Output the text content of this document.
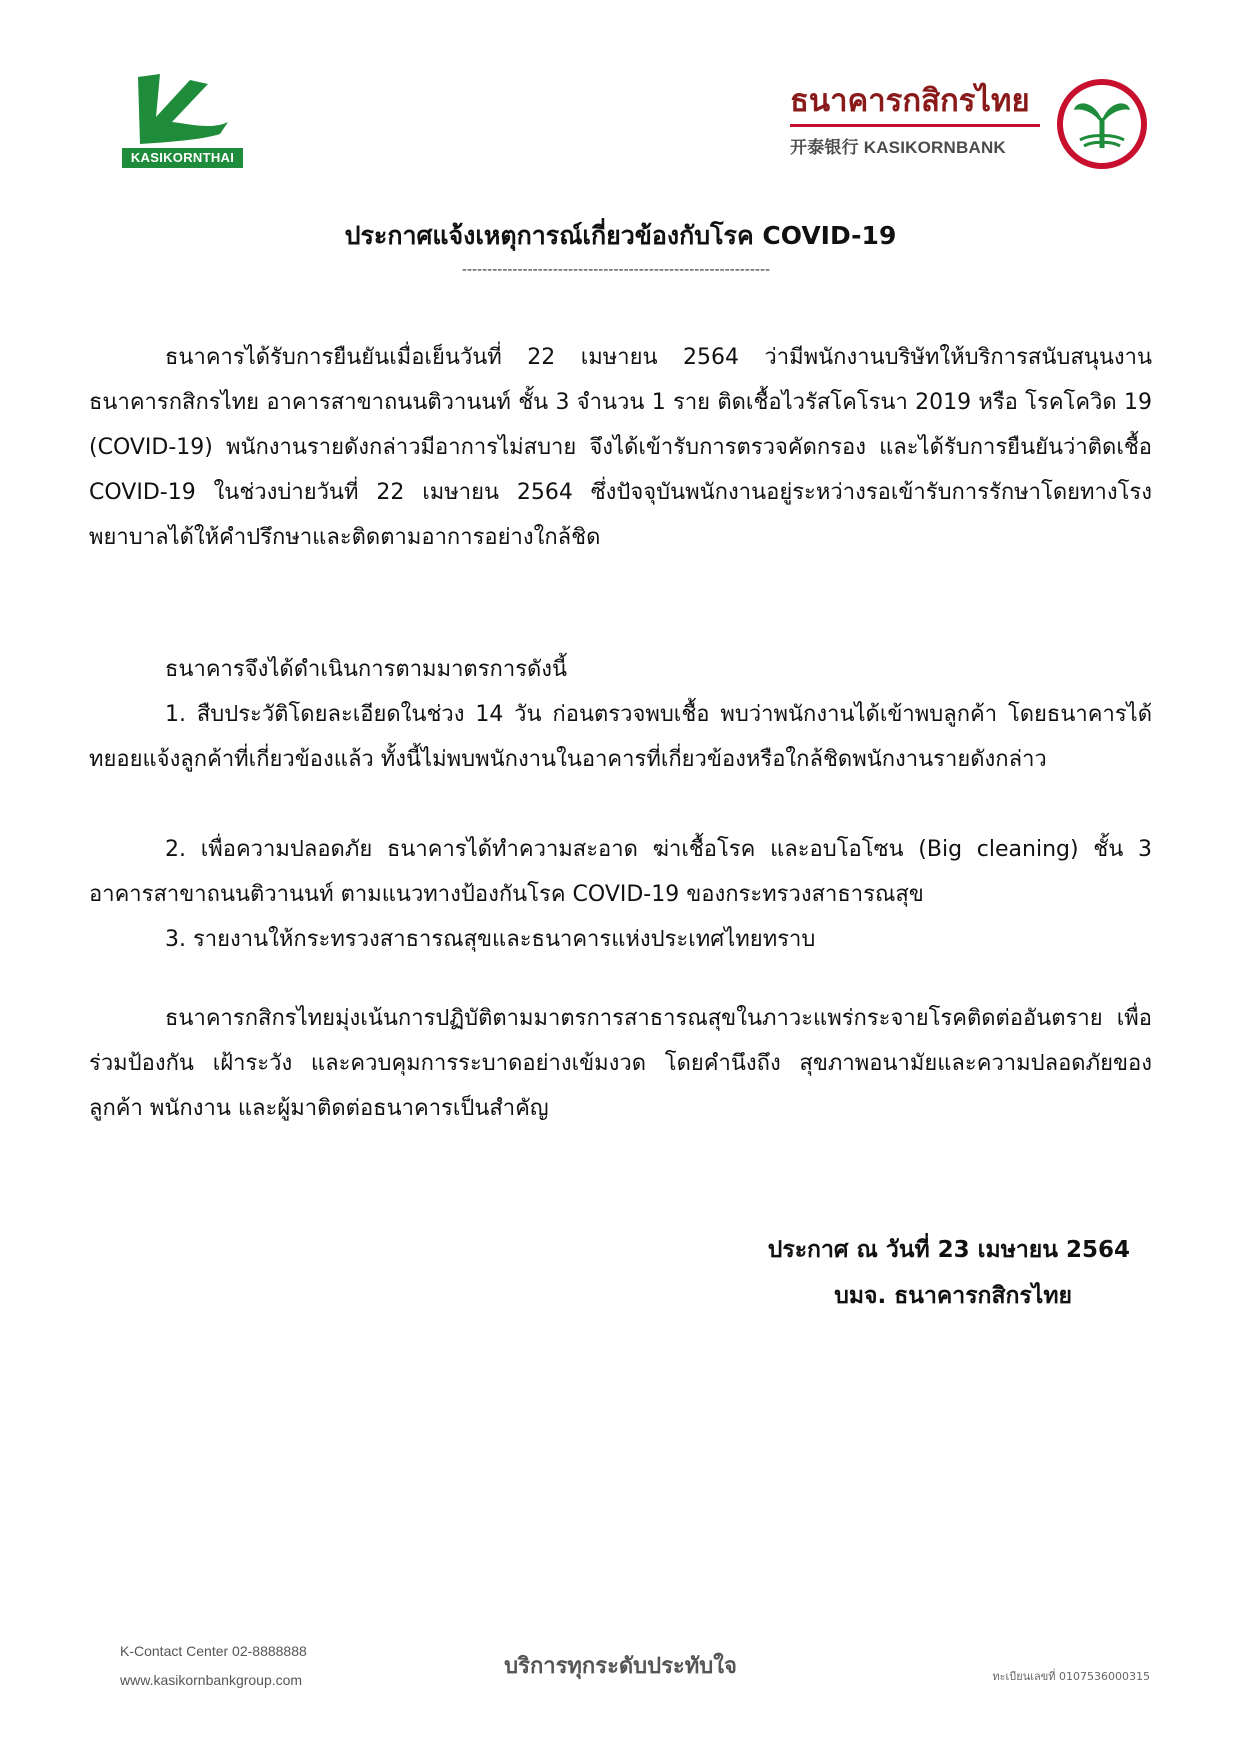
KASIKORNTHAI
ธนาคารกสิกรไทย
开泰银行 KASIKORNBANK
ประกาศแจ้งเหตุการณ์เกี่ยวข้องกับโรค COVID-19
-------------------------------------------------------------

ธนาคารได้รับการยืนยันเมื่อเย็นวันที่ 22 เมษายน 2564 ว่ามีพนักงานบริษัทให้บริการสนับสนุนงานธนาคารกสิกรไทย อาคารสาขาถนนติวานนท์ ชั้น 3 จำนวน 1 ราย ติดเชื้อไวรัสโคโรนา 2019 หรือ โรคโควิด 19 (COVID-19) พนักงานรายดังกล่าวมีอาการไม่สบาย จึงได้เข้ารับการตรวจคัดกรอง และได้รับการยืนยันว่าติดเชื้อ COVID-19 ในช่วงบ่ายวันที่ 22 เมษายน 2564 ซึ่งปัจจุบันพนักงานอยู่ระหว่างรอเข้ารับการรักษาโดยทางโรงพยาบาลได้ให้คำปรึกษาและติดตามอาการอย่างใกล้ชิด

ธนาคารจึงได้ดำเนินการตามมาตรการดังนี้

1. สืบประวัติโดยละเอียดในช่วง 14 วัน ก่อนตรวจพบเชื้อ พบว่าพนักงานได้เข้าพบลูกค้า โดยธนาคารได้ทยอยแจ้งลูกค้าที่เกี่ยวข้องแล้ว ทั้งนี้ไม่พบพนักงานในอาคารที่เกี่ยวข้องหรือใกล้ชิดพนักงานรายดังกล่าว

2. เพื่อความปลอดภัย ธนาคารได้ทำความสะอาด ฆ่าเชื้อโรค และอบโอโซน (Big cleaning) ชั้น 3 อาคารสาขาถนนติวานนท์ ตามแนวทางป้องกันโรค COVID-19 ของกระทรวงสาธารณสุข

3. รายงานให้กระทรวงสาธารณสุขและธนาคารแห่งประเทศไทยทราบ

ธนาคารกสิกรไทยมุ่งเน้นการปฏิบัติตามมาตรการสาธารณสุขในภาวะแพร่กระจายโรคติดต่ออันตราย เพื่อร่วมป้องกัน เฝ้าระวัง และควบคุมการระบาดอย่างเข้มงวด โดยคำนึงถึง สุขภาพอนามัยและความปลอดภัยของลูกค้า พนักงาน และผู้มาติดต่อธนาคารเป็นสำคัญ

ประกาศ ณ วันที่ 23 เมษายน 2564
บมจ. ธนาคารกสิกรไทย
K-Contact Center 02-8888888
www.kasikornbankgroup.com
บริการทุกระดับประทับใจ	ทะเบียนเลขที่ 0107536000315
